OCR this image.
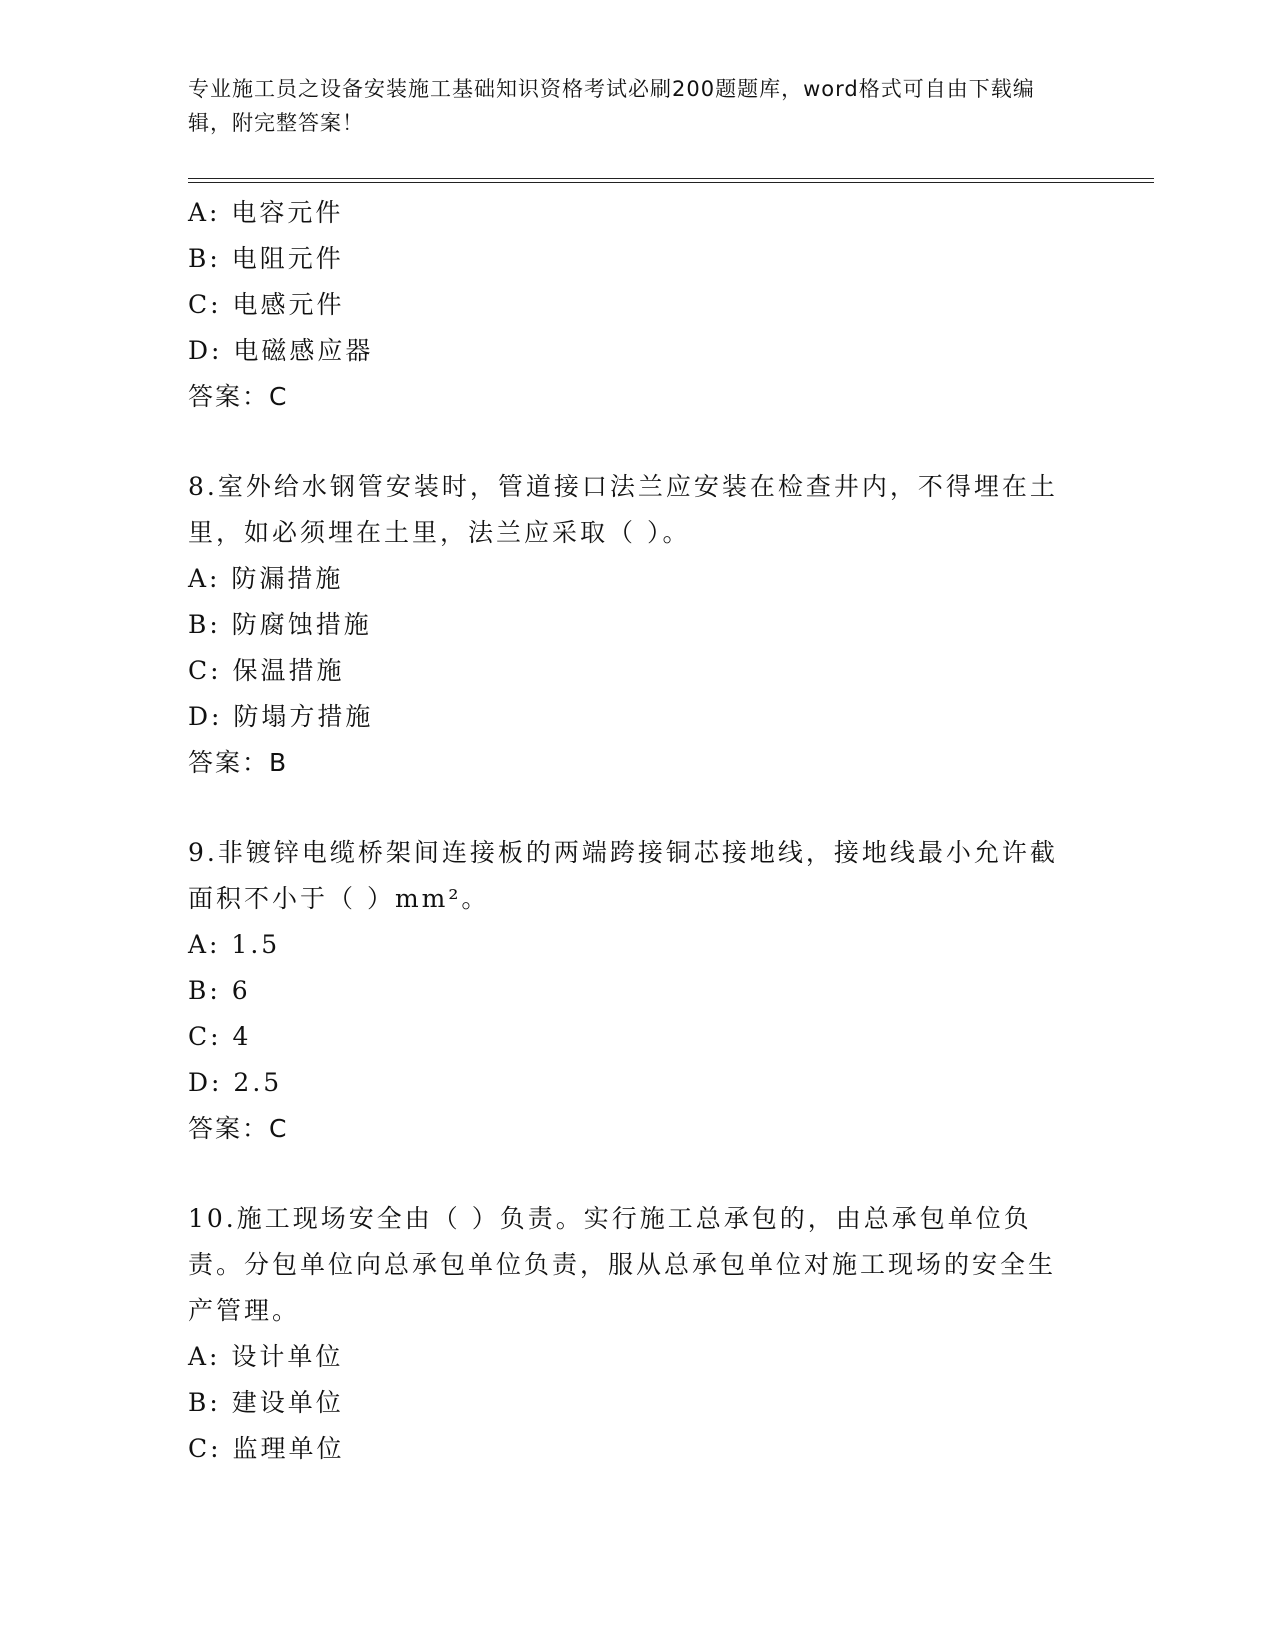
专业施工员之设备安装施工基础知识资格考试必刷200题题库，word格式可自由下载编辑，附完整答案！
A: 电容元件
B: 电阻元件
C: 电感元件
D: 电磁感应器
答案：C
8.室外给水钢管安装时，管道接口法兰应安装在检查井内，不得埋在土里，如必须埋在土里，法兰应采取（ ）。
A: 防漏措施
B: 防腐蚀措施
C: 保温措施
D: 防塌方措施
答案：B
9.非镀锌电缆桥架间连接板的两端跨接铜芯接地线，接地线最小允许截面积不小于（ ）mm²。
A: 1.5
B: 6
C: 4
D: 2.5
答案：C
10.施工现场安全由（ ）负责。实行施工总承包的，由总承包单位负责。分包单位向总承包单位负责，服从总承包单位对施工现场的安全生产管理。
A: 设计单位
B: 建设单位
C: 监理单位
